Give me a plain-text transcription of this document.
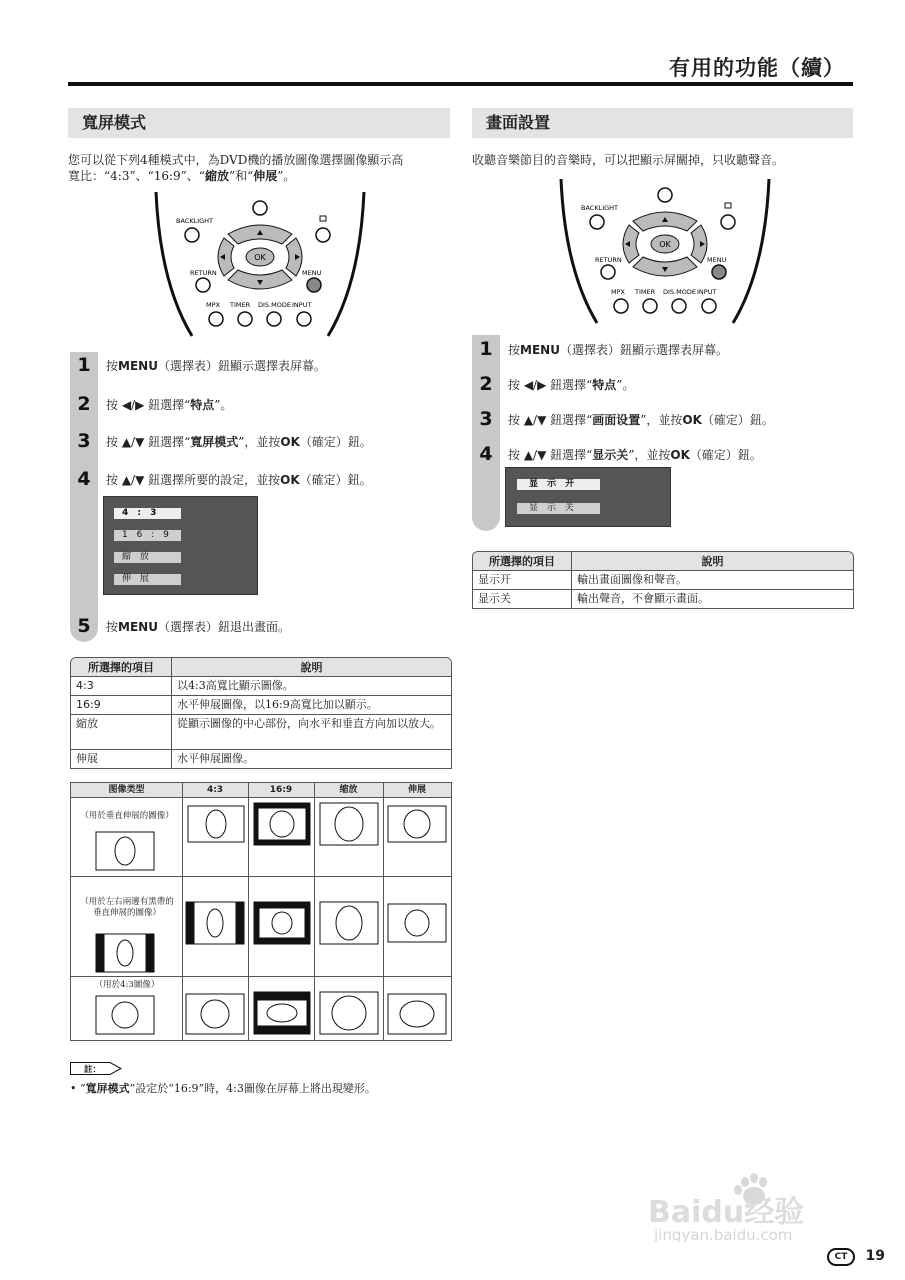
有用的功能（續）
寬屏模式
您可以從下列4種模式中，為DVD機的播放圖像選擇圖像顯示高
寬比：“4:3”、“16:9”、“縮放”和“伸展”。
BACKLIGHT
OK
RETURN	MENU
MPX TIMER DIS.MODE INPUT
1	按MENU（選擇表）鈕顯示選擇表屏幕。
2	按 ◀/▶ 鈕選擇“特点”。
3	按 ▲/▼ 鈕選擇“寬屏模式”，並按OK（確定）鈕。
4	按 ▲/▼ 鈕選擇所要的設定，並按OK（確定）鈕。
4 : 3
1 6 : 9
縮 放
伸 展
5	按MENU（選擇表）鈕退出畫面。
所選擇的項目	說明
4:3	以4:3高寬比顯示圖像。
16:9	水平伸展圖像，以16:9高寬比加以顯示。
縮放	從顯示圖像的中心部份，向水平和垂直方向加以放大。
伸展	水平伸展圖像。
图像类型	4:3	16:9	缩放	伸展
（用於垂直伸展的圖像）
（用於左右兩邊有黑帶的垂直伸展的圖像）
（用於4:3圖像）
註：
• “寬屏模式”設定於“16:9”時，4:3圖像在屏幕上將出現變形。
畫面設置
收聽音樂節目的音樂時，可以把顯示屏關掉，只收聽聲音。
BACKLIGHT
OK
RETURN	MENU
MPX TIMER DIS.MODE INPUT
1	按MENU（選擇表）鈕顯示選擇表屏幕。
2	按 ◀/▶ 鈕選擇“特点”。
3	按 ▲/▼ 鈕選擇“画面设置”，並按OK（確定）鈕。
4	按 ▲/▼ 鈕選擇“显示关”，並按OK（確定）鈕。
显 示 开
显 示 关
所選擇的項目	說明
显示开	輸出畫面圖像和聲音。
显示关	輸出聲音，不會顯示畫面。
Baidu经验
jingyan.baidu.com
CT	19
